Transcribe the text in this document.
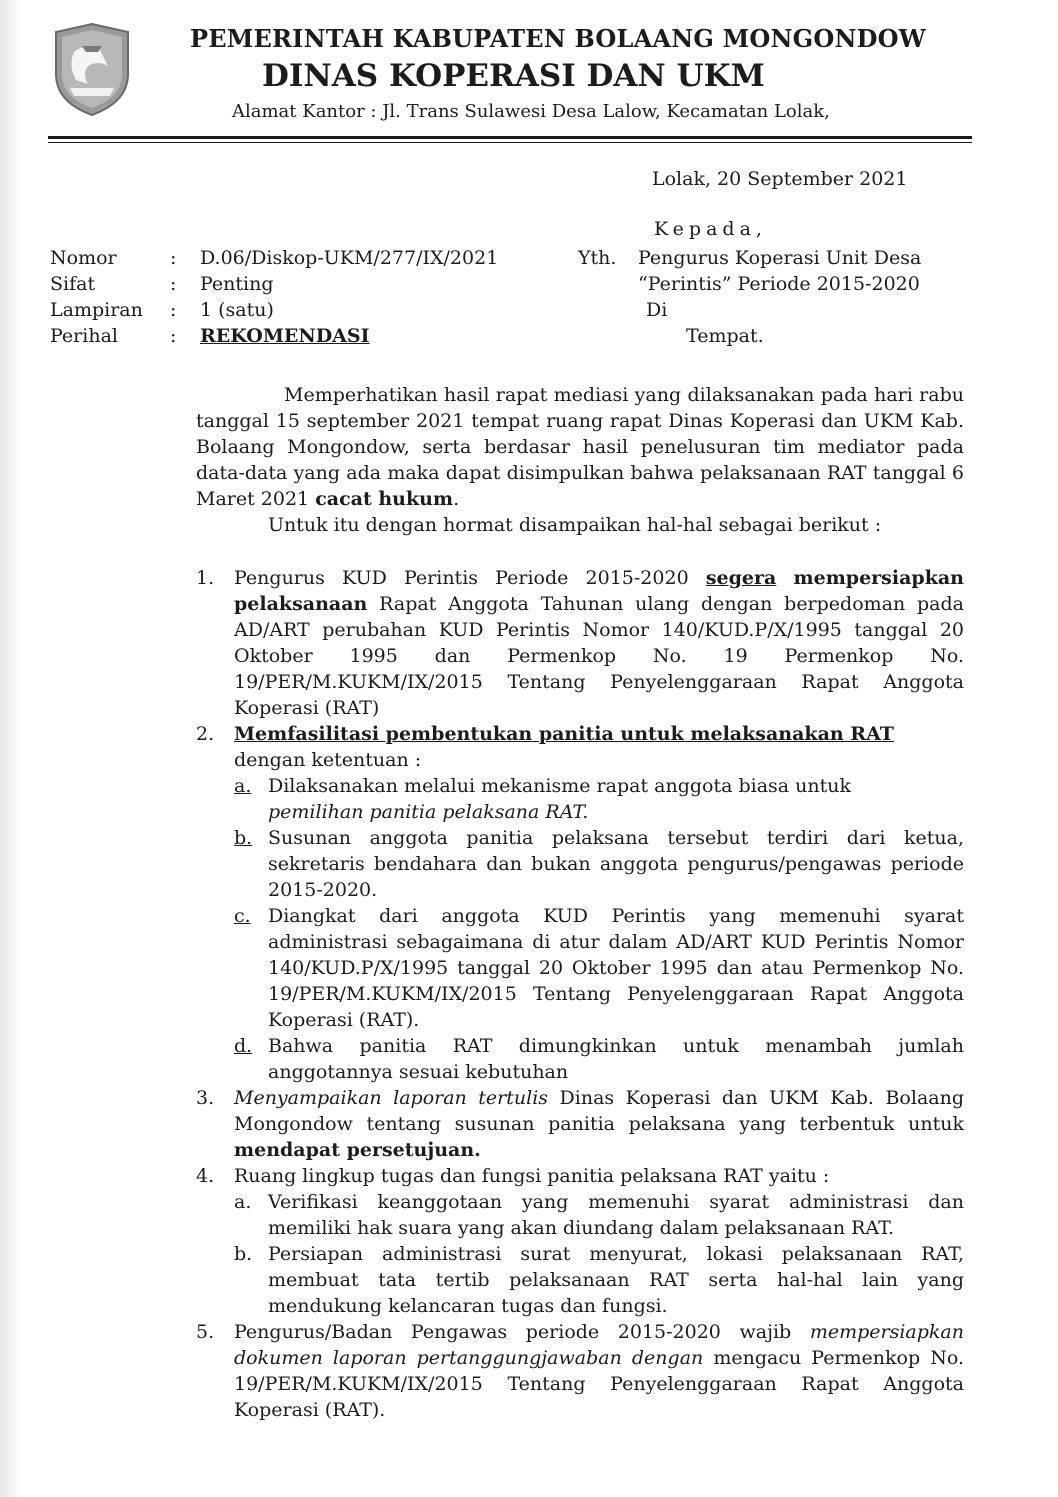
PEMERINTAH KABUPATEN BOLAANG MONGONDOW
DINAS KOPERASI DAN UKM
Alamat Kantor : Jl. Trans Sulawesi Desa Lalow, Kecamatan Lolak,
Lolak, 20 September 2021
Kepada,
Nomor	:	D.06/Diskop-UKM/277/IX/2021
Sifat	:	Penting
Lampiran	:	1 (satu)
Perihal	:	REKOMENDASI
Yth. Pengurus Koperasi Unit Desa
“Perintis” Periode 2015-2020
Di
Tempat.

Memperhatikan hasil rapat mediasi yang dilaksanakan pada hari rabu tanggal 15 september 2021 tempat ruang rapat Dinas Koperasi dan UKM Kab. Bolaang Mongondow, serta berdasar hasil penelusuran tim mediator pada data-data yang ada maka dapat disimpulkan bahwa pelaksanaan RAT tanggal 6 Maret 2021 cacat hukum.

Untuk itu dengan hormat disampaikan hal-hal sebagai berikut :

1. Pengurus KUD Perintis Periode 2015-2020 segera mempersiapkan pelaksanaan Rapat Anggota Tahunan ulang dengan berpedoman pada AD/ART perubahan KUD Perintis Nomor 140/KUD.P/X/1995 tanggal 20 Oktober 1995 dan Permenkop No. 19 Permenkop No. 19/PER/M.KUKM/IX/2015 Tentang Penyelenggaraan Rapat Anggota Koperasi (RAT)
2. Memfasilitasi pembentukan panitia untuk melaksanakan RAT
dengan ketentuan :
a. Dilaksanakan melalui mekanisme rapat anggota biasa untuk
pemilihan panitia pelaksana RAT.
b. Susunan anggota panitia pelaksana tersebut terdiri dari ketua, sekretaris bendahara dan bukan anggota pengurus/pengawas periode 2015-2020.
c. Diangkat dari anggota KUD Perintis yang memenuhi syarat administrasi sebagaimana di atur dalam AD/ART KUD Perintis Nomor 140/KUD.P/X/1995 tanggal 20 Oktober 1995 dan atau Permenkop No. 19/PER/M.KUKM/IX/2015 Tentang Penyelenggaraan Rapat Anggota Koperasi (RAT).
d. Bahwa panitia RAT dimungkinkan untuk menambah jumlah anggotannya sesuai kebutuhan
3. Menyampaikan laporan tertulis Dinas Koperasi dan UKM Kab. Bolaang Mongondow tentang susunan panitia pelaksana yang terbentuk untuk mendapat persetujuan.
4. Ruang lingkup tugas dan fungsi panitia pelaksana RAT yaitu :
a. Verifikasi keanggotaan yang memenuhi syarat administrasi dan memiliki hak suara yang akan diundang dalam pelaksanaan RAT.
b. Persiapan administrasi surat menyurat, lokasi pelaksanaan RAT, membuat tata tertib pelaksanaan RAT serta hal-hal lain yang mendukung kelancaran tugas dan fungsi.
5. Pengurus/Badan Pengawas periode 2015-2020 wajib mempersiapkan dokumen laporan pertanggungjawaban dengan mengacu Permenkop No. 19/PER/M.KUKM/IX/2015 Tentang Penyelenggaraan Rapat Anggota Koperasi (RAT).
